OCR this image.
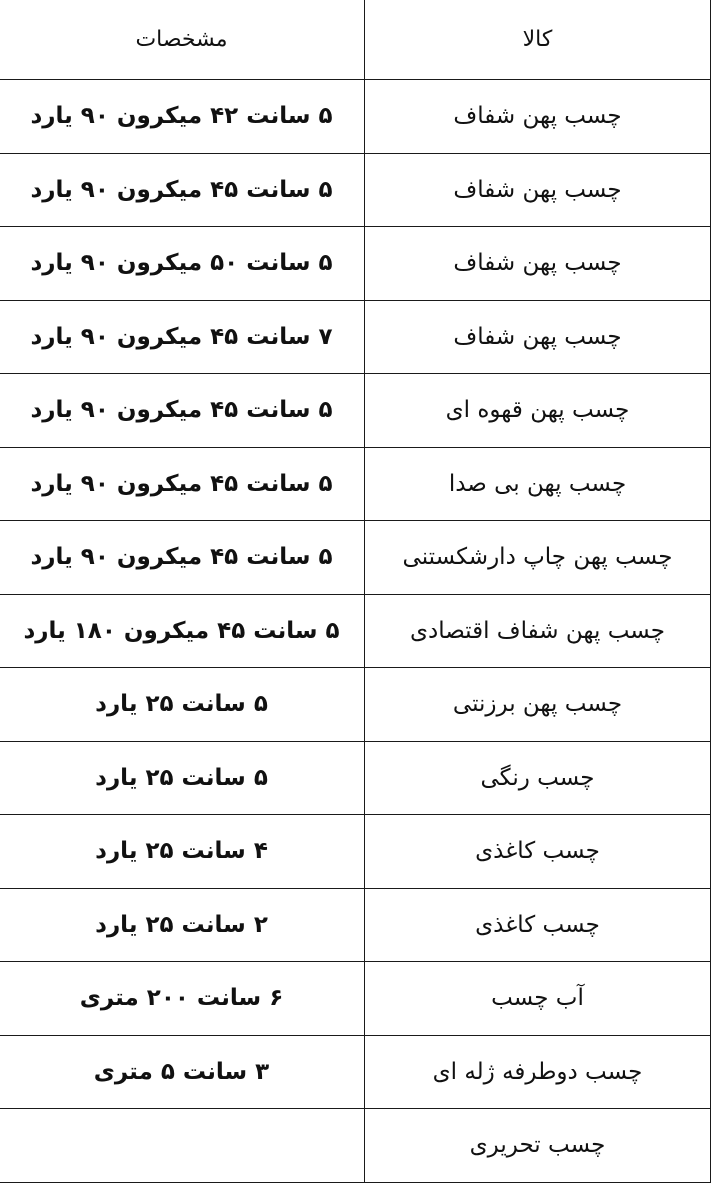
کالا	مشخصات
چسب پهن شفاف	۵ سانت ۴۲ میکرون ۹۰ یارد
چسب پهن شفاف	۵ سانت ۴۵ میکرون ۹۰ یارد
چسب پهن شفاف	۵ سانت ۵۰ میکرون ۹۰ یارد
چسب پهن شفاف	۷ سانت ۴۵ میکرون ۹۰ یارد
چسب پهن قهوه ای	۵ سانت ۴۵ میکرون ۹۰ یارد
چسب پهن بی صدا	۵ سانت ۴۵ میکرون ۹۰ یارد
چسب پهن چاپ دارشکستنی	۵ سانت ۴۵ میکرون ۹۰ یارد
چسب پهن شفاف اقتصادی	۵ سانت ۴۵ میکرون ۱۸۰ یارد
چسب پهن برزنتی	۵ سانت ۲۵ یارد
چسب رنگی	۵ سانت ۲۵ یارد
چسب کاغذی	۴ سانت ۲۵ یارد
چسب کاغذی	۲ سانت ۲۵ یارد
آب چسب	۶ سانت ۲۰۰ متری
چسب دوطرفه ژله ای	۳ سانت ۵ متری
چسب تحریری	
